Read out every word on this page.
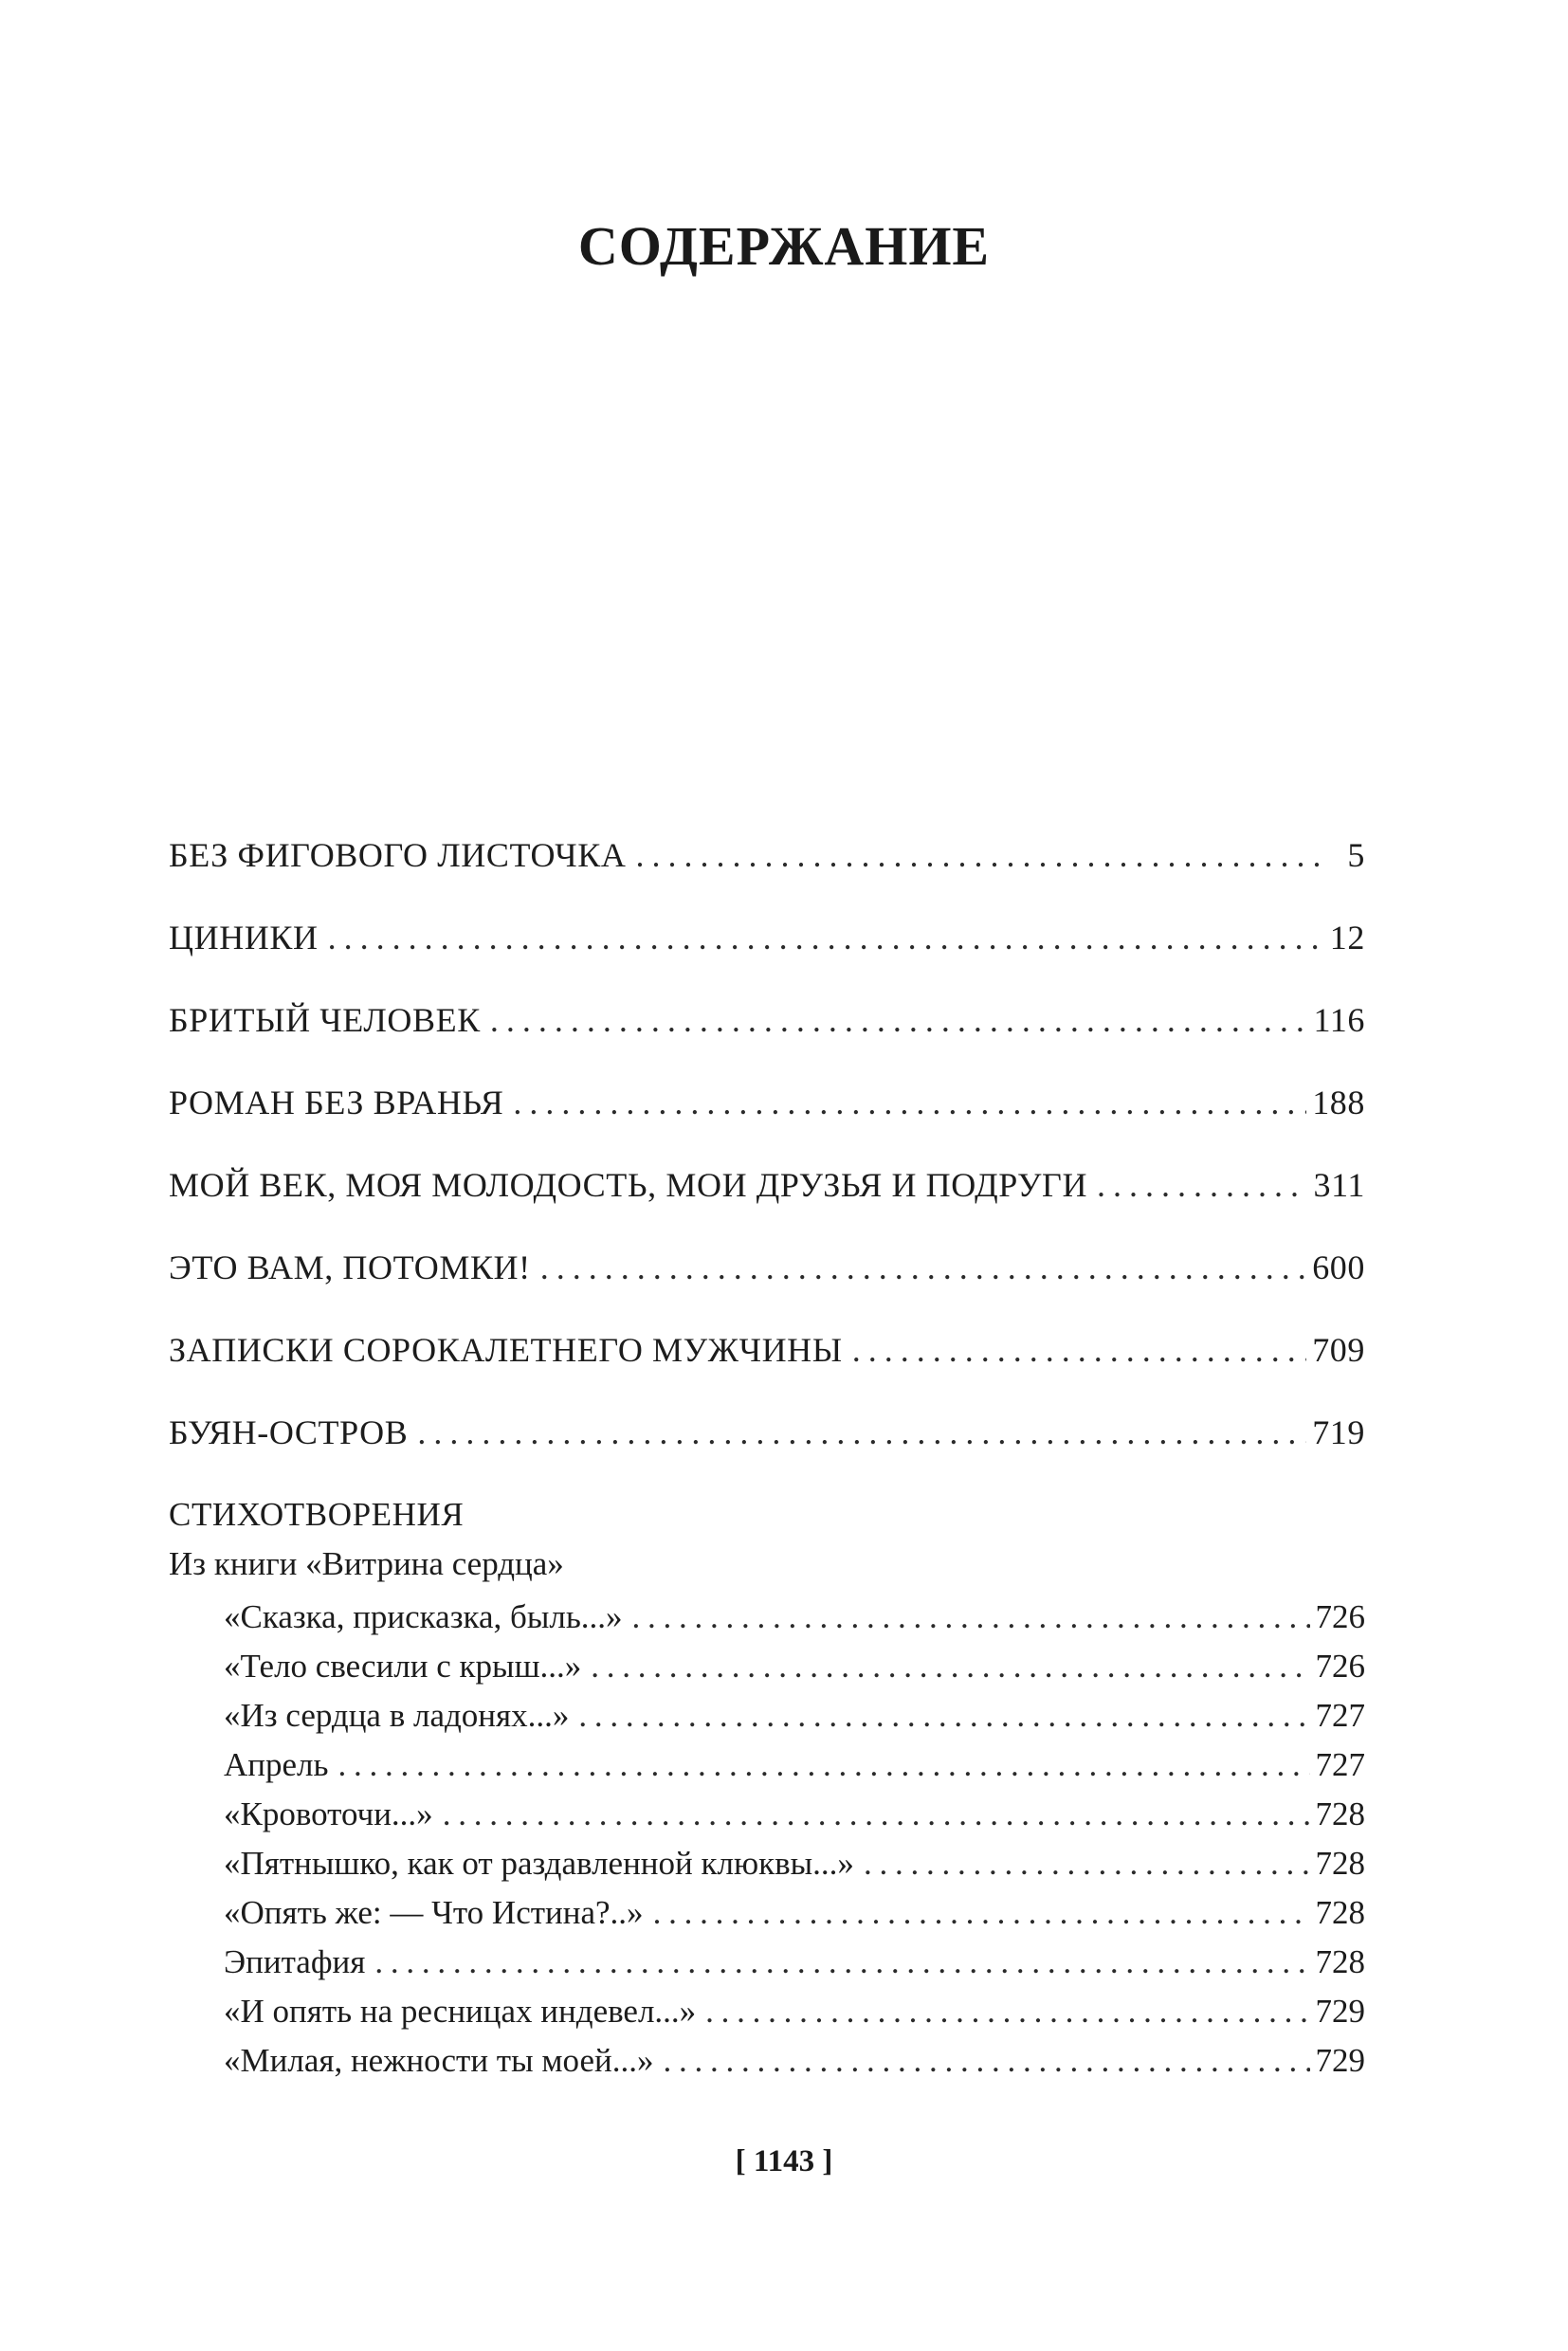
СОДЕРЖАНИЕ
БЕЗ ФИГОВОГО ЛИСТОЧКА . . .	5
ЦИНИКИ . . .	12
БРИТЫЙ ЧЕЛОВЕК . . .	116
РОМАН БЕЗ ВРАНЬЯ . . .	188
МОЙ ВЕК, МОЯ МОЛОДОСТЬ, МОИ ДРУЗЬЯ И ПОДРУГИ . . .	311
ЭТО ВАМ, ПОТОМКИ! . . .	600
ЗАПИСКИ СОРОКАЛЕТНЕГО МУЖЧИНЫ . . .	709
БУЯН-ОСТРОВ . . .	719
СТИХОТВОРЕНИЯ
Из книги «Витрина сердца»
«Сказка, присказка, быль...» . . .	726
«Тело свесили с крыш...» . . .	726
«Из сердца в ладонях...» . . .	727
Апрель . . .	727
«Кровоточи...» . . .	728
«Пятнышко, как от раздавленной клюквы...» . . .	728
«Опять же: — Что Истина?..» . . .	728
Эпитафия . . .	728
«И опять на ресницах индевел...» . . .	729
«Милая, нежности ты моей...» . . .	729
[ 1143 ]
